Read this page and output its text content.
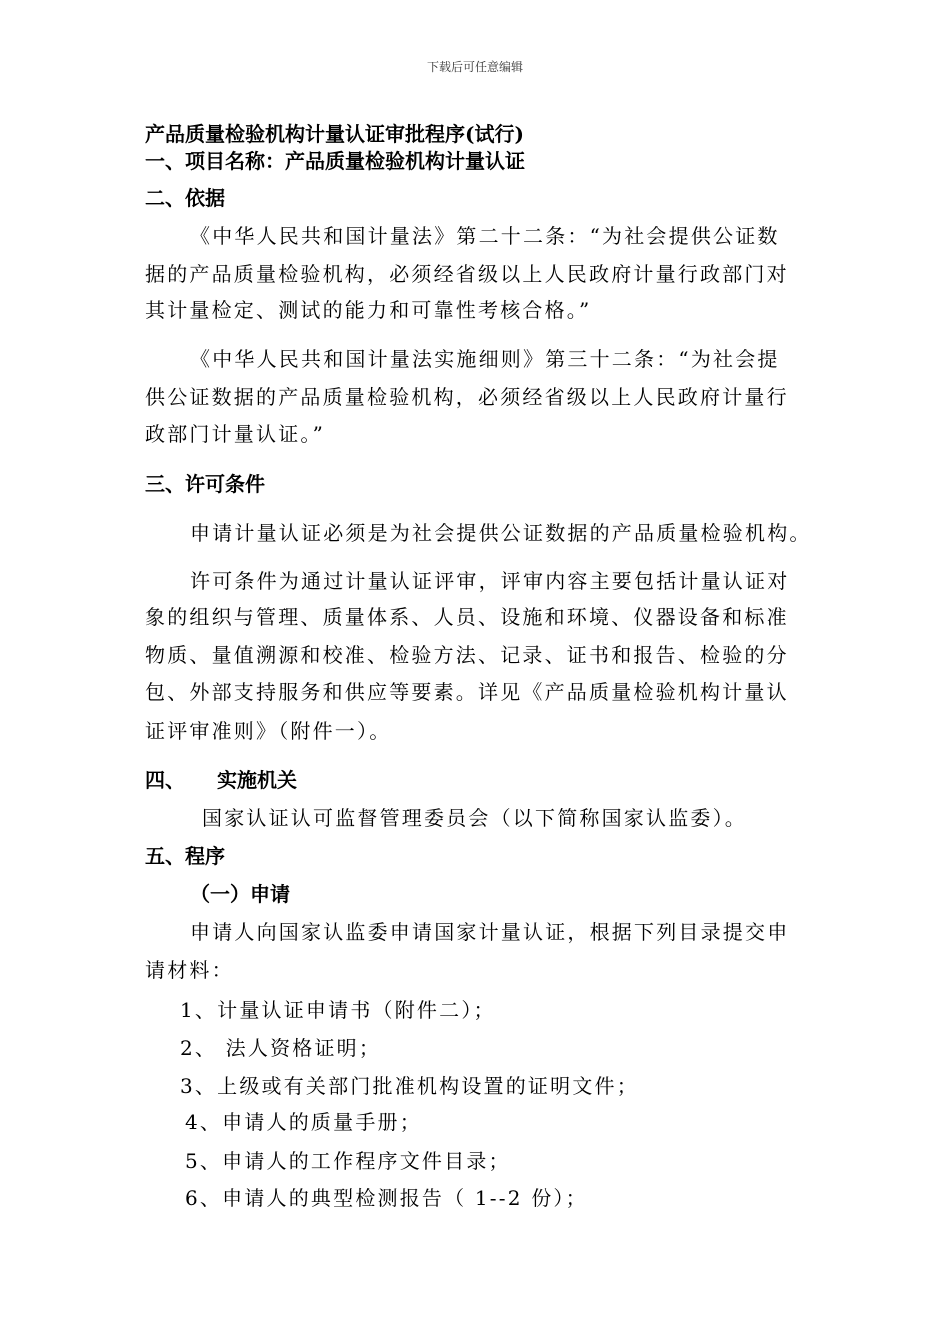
下载后可任意编辑
产品质量检验机构计量认证审批程序(试行)
一、项目名称：产品质量检验机构计量认证
二、依据
《中华人民共和国计量法》第二十二条：“为社会提供公证数
据的产品质量检验机构，必须经省级以上人民政府计量行政部门对
其计量检定、测试的能力和可靠性考核合格。”
《中华人民共和国计量法实施细则》第三十二条：“为社会提
供公证数据的产品质量检验机构，必须经省级以上人民政府计量行
政部门计量认证。”
三、许可条件
申请计量认证必须是为社会提供公证数据的产品质量检验机构。
许可条件为通过计量认证评审，评审内容主要包括计量认证对
象的组织与管理、质量体系、人员、设施和环境、仪器设备和标准
物质、量值溯源和校准、检验方法、记录、证书和报告、检验的分
包、外部支持服务和供应等要素。详见《产品质量检验机构计量认
证评审准则》（附件一）。
四、 实施机关
国家认证认可监督管理委员会（以下简称国家认监委）。
五、程序
（一）申请
申请人向国家认监委申请国家计量认证，根据下列目录提交申
请材料：
1、计量认证申请书（附件二）；
2、 法人资格证明；
3、上级或有关部门批准机构设置的证明文件；
4、申请人的质量手册；
5、申请人的工作程序文件目录；
6、申请人的典型检测报告（ 1--2 份）；
